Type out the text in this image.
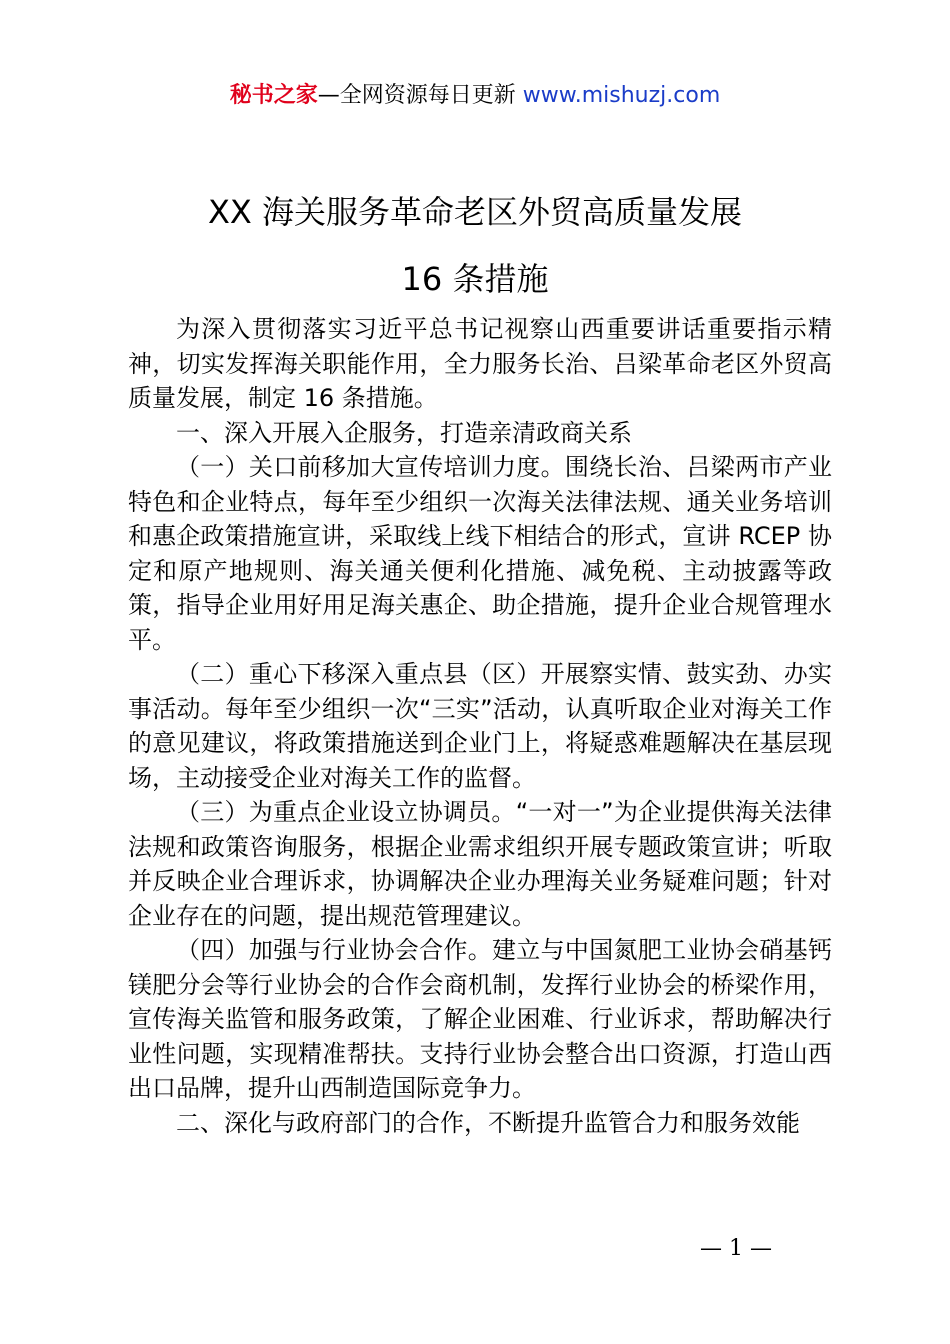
秘书之家—全网资源每日更新 www.mishuzj.com
XX 海关服务革命老区外贸高质量发展
16 条措施

为深入贯彻落实习近平总书记视察山西重要讲话重要指示精神，切实发挥海关职能作用，全力服务长治、吕梁革命老区外贸高质量发展，制定 16 条措施。

一、深入开展入企服务，打造亲清政商关系

（一）关口前移加大宣传培训力度。围绕长治、吕梁两市产业特色和企业特点，每年至少组织一次海关法律法规、通关业务培训和惠企政策措施宣讲，采取线上线下相结合的形式，宣讲 RCEP 协定和原产地规则、海关通关便利化措施、减免税、主动披露等政策，指导企业用好用足海关惠企、助企措施，提升企业合规管理水平。

（二）重心下移深入重点县（区）开展察实情、鼓实劲、办实事活动。每年至少组织一次“三实”活动，认真听取企业对海关工作的意见建议，将政策措施送到企业门上，将疑惑难题解决在基层现场，主动接受企业对海关工作的监督。

（三）为重点企业设立协调员。“一对一”为企业提供海关法律法规和政策咨询服务，根据企业需求组织开展专题政策宣讲；听取并反映企业合理诉求，协调解决企业办理海关业务疑难问题；针对企业存在的问题，提出规范管理建议。

（四）加强与行业协会合作。建立与中国氮肥工业协会硝基钙镁肥分会等行业协会的合作会商机制，发挥行业协会的桥梁作用，宣传海关监管和服务政策，了解企业困难、行业诉求，帮助解决行业性问题，实现精准帮扶。支持行业协会整合出口资源，打造山西出口品牌，提升山西制造国际竞争力。

二、深化与政府部门的合作，不断提升监管合力和服务效能

— 1 —
